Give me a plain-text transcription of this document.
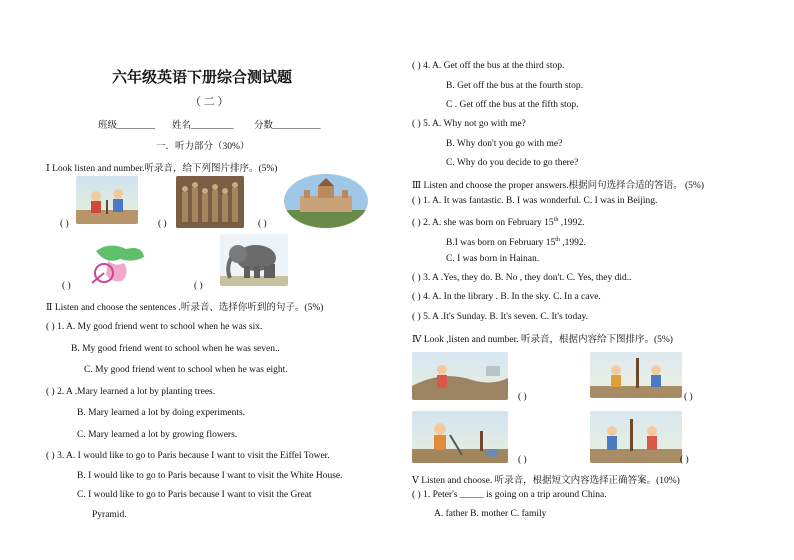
六年级英语下册综合测试题
（ 二 ）
班级________ 姓名_________ 分数__________
一．听力部分（30%）
Ⅰ Look listen and number.听录音，给下列图片排序。(5%)
( )	( )	( )
( )	( )
Ⅱ Listen and choose the sentences .听录音、选择你听到的句子。(5%)
( ) 1. A. My good friend went to school when he was six.
B. My good friend went to school when he was seven..
C. My good friend went to school when he was eight.
( ) 2. A .Mary learned a lot by planting trees.
B. Mary learned a lot by doing experiments.
C. Mary learned a lot by growing flowers.
( ) 3. A. I would like to go to Paris because I want to visit the Eiffel Tower.
B. I would like to go to Paris because I want to visit the White House.
C. I would like to go to Paris because I want to visit the Great
Pyramid.
( ) 4. A. Get off the bus at the third stop.
B. Get off the bus at the fourth stop.
C . Get off the bus at the fifth stop.
( ) 5. A. Why not go with me?
B. Why don't you go with me?
C. Why do you decide to go there?
Ⅲ Listen and choose the proper answers.根据问句选择合适的答语。 (5%)
( ) 1. A. It was fantastic. B. I was wonderful. C. I was in Beijing.
( ) 2. A. she was born on February 15th ,1992.
B.I was born on February 15th ,1992.
C. I was born in Hainan.
( ) 3. A .Yes, they do. B. No , they don't. C. Yes, they did..
( ) 4. A. In the library . B. In the sky. C. In a cave.
( ) 5. A .It's Sunday. B. It's seven. C. It's today.
Ⅳ Look ,listen and number. 听录音，根据内容给下图排序。(5%)
( )	( )
( )	( )
Ⅴ Listen and choose. 听录音，根据短文内容选择正确答案。(10%)
( ) 1. Peter's _____ is going on a trip around China.
A. father B. mother C. family
